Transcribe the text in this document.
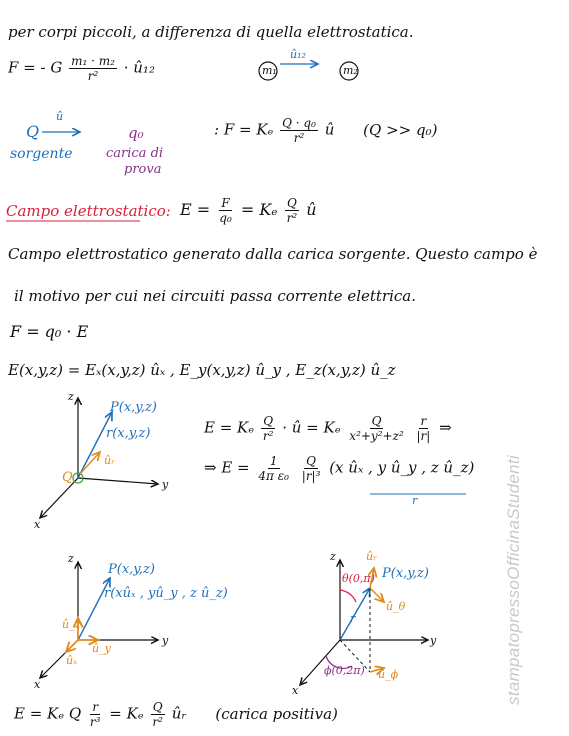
per corpi piccoli, a differenza di quella elettrostatica.
F = - G $\frac{\text{m₁ · m₂}}{\text{r²}}$ · û₁₂	m₁	m₂
û₁₂
Q
û
sorgente
q₀
carica di
prova
: F = Kₑ $\frac{\text{Q · q₀}}{\text{r²}}$ û (Q >> q₀)
Campo elettrostatico: $E = \frac{F}{\text{q₀}} = K_e \frac{Q}{\text{r²}}$ û
Campo elettrostatico generato dalla carica sorgente. Questo campo è
il motivo per cui nei circuiti passa corrente elettrica.
F = q₀ · E
E(x,y,z) = Eₓ(x,y,z) ûₓ , E_y(x,y,z) û_y , E_z(x,y,z) û_z
z
y
x
P(x,y,z)
r(x,y,z)
Q
ûᵣ
E = Kₑ $\frac{Q}{\text{r²}}$ · û = Kₑ $\frac{Q}{\text{x²+y²+z²}}$
$\frac{r}{|r|}$ ⇒
⇒ $E = \frac{1}{\text{4π ε₀}}$
$\frac{Q}{\text{|r|³}} (x$ ûₓ , y û_y , z û_z)
r
z
y
x
P(x,y,z)
r(xûₓ , yû_y , z û_z)
û_z
û_y
ûₓ
z
y
x
P(x,y,z)
r
ûᵣ
θ(0,π)
û_θ
ϕ(0,2π) û_ϕ
E = Kₑ Q $\frac{r}{\text{r³}} = K_e \frac{Q}{\text{r²}}$ ûᵣ (carica positiva)
stampatopressoOfficinaStudenti
